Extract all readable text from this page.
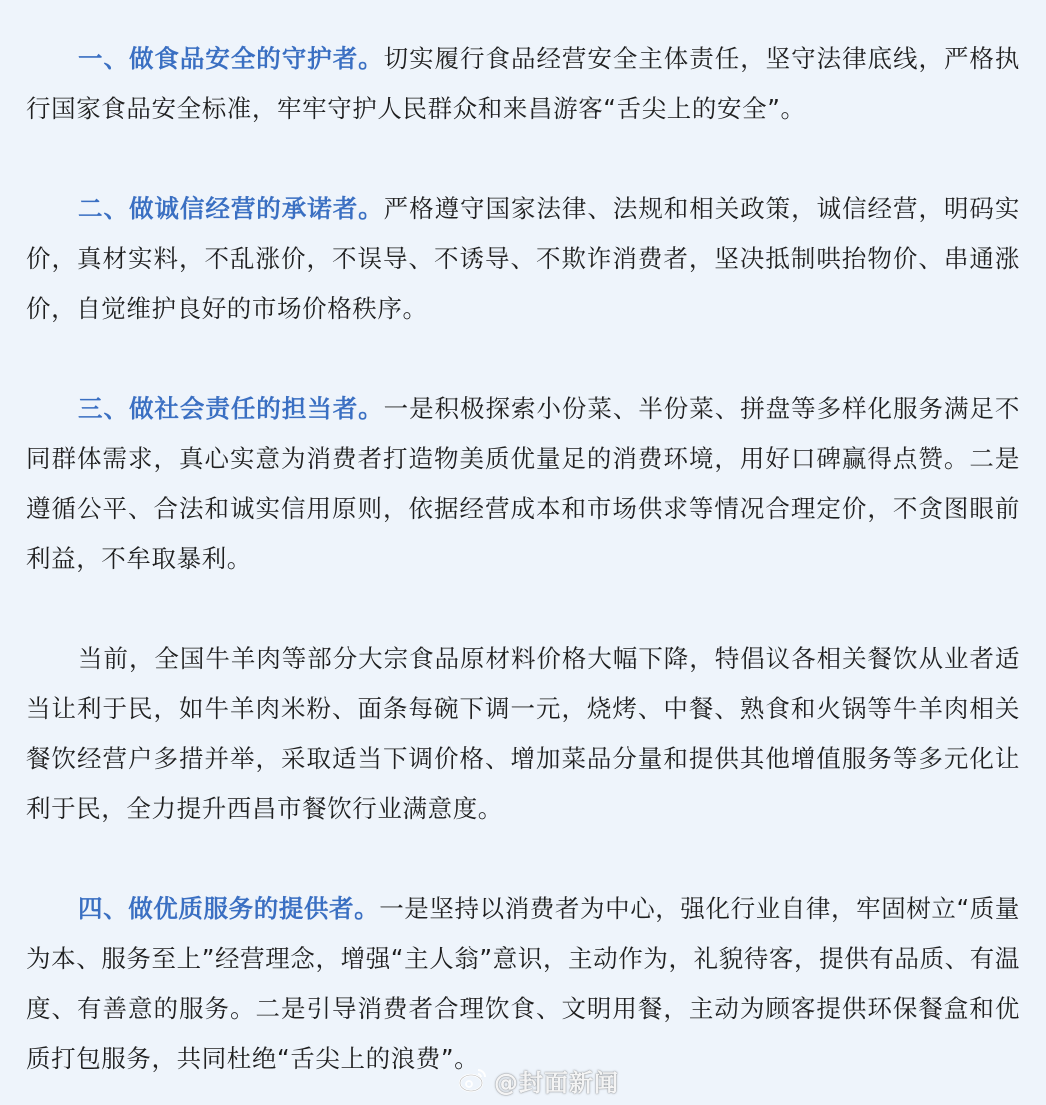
一、做食品安全的守护者。切实履行食品经营安全主体责任，坚守法律底线，严格执行国家食品安全标准，牢牢守护人民群众和来昌游客“舌尖上的安全”。

二、做诚信经营的承诺者。严格遵守国家法律、法规和相关政策，诚信经营，明码实价，真材实料，不乱涨价，不误导、不诱导、不欺诈消费者，坚决抵制哄抬物价、串通涨价，自觉维护良好的市场价格秩序。

三、做社会责任的担当者。一是积极探索小份菜、半份菜、拼盘等多样化服务满足不同群体需求，真心实意为消费者打造物美质优量足的消费环境，用好口碑赢得点赞。二是遵循公平、合法和诚实信用原则，依据经营成本和市场供求等情况合理定价，不贪图眼前利益，不牟取暴利。

当前，全国牛羊肉等部分大宗食品原材料价格大幅下降，特倡议各相关餐饮从业者适当让利于民，如牛羊肉米粉、面条每碗下调一元，烧烤、中餐、熟食和火锅等牛羊肉相关餐饮经营户多措并举，采取适当下调价格、增加菜品分量和提供其他增值服务等多元化让利于民，全力提升西昌市餐饮行业满意度。

四、做优质服务的提供者。一是坚持以消费者为中心，强化行业自律，牢固树立“质量为本、服务至上”经营理念，增强“主人翁”意识，主动作为，礼貌待客，提供有品质、有温度、有善意的服务。二是引导消费者合理饮食、文明用餐，主动为顾客提供环保餐盒和优质打包服务，共同杜绝“舌尖上的浪费”。

@封面新闻
